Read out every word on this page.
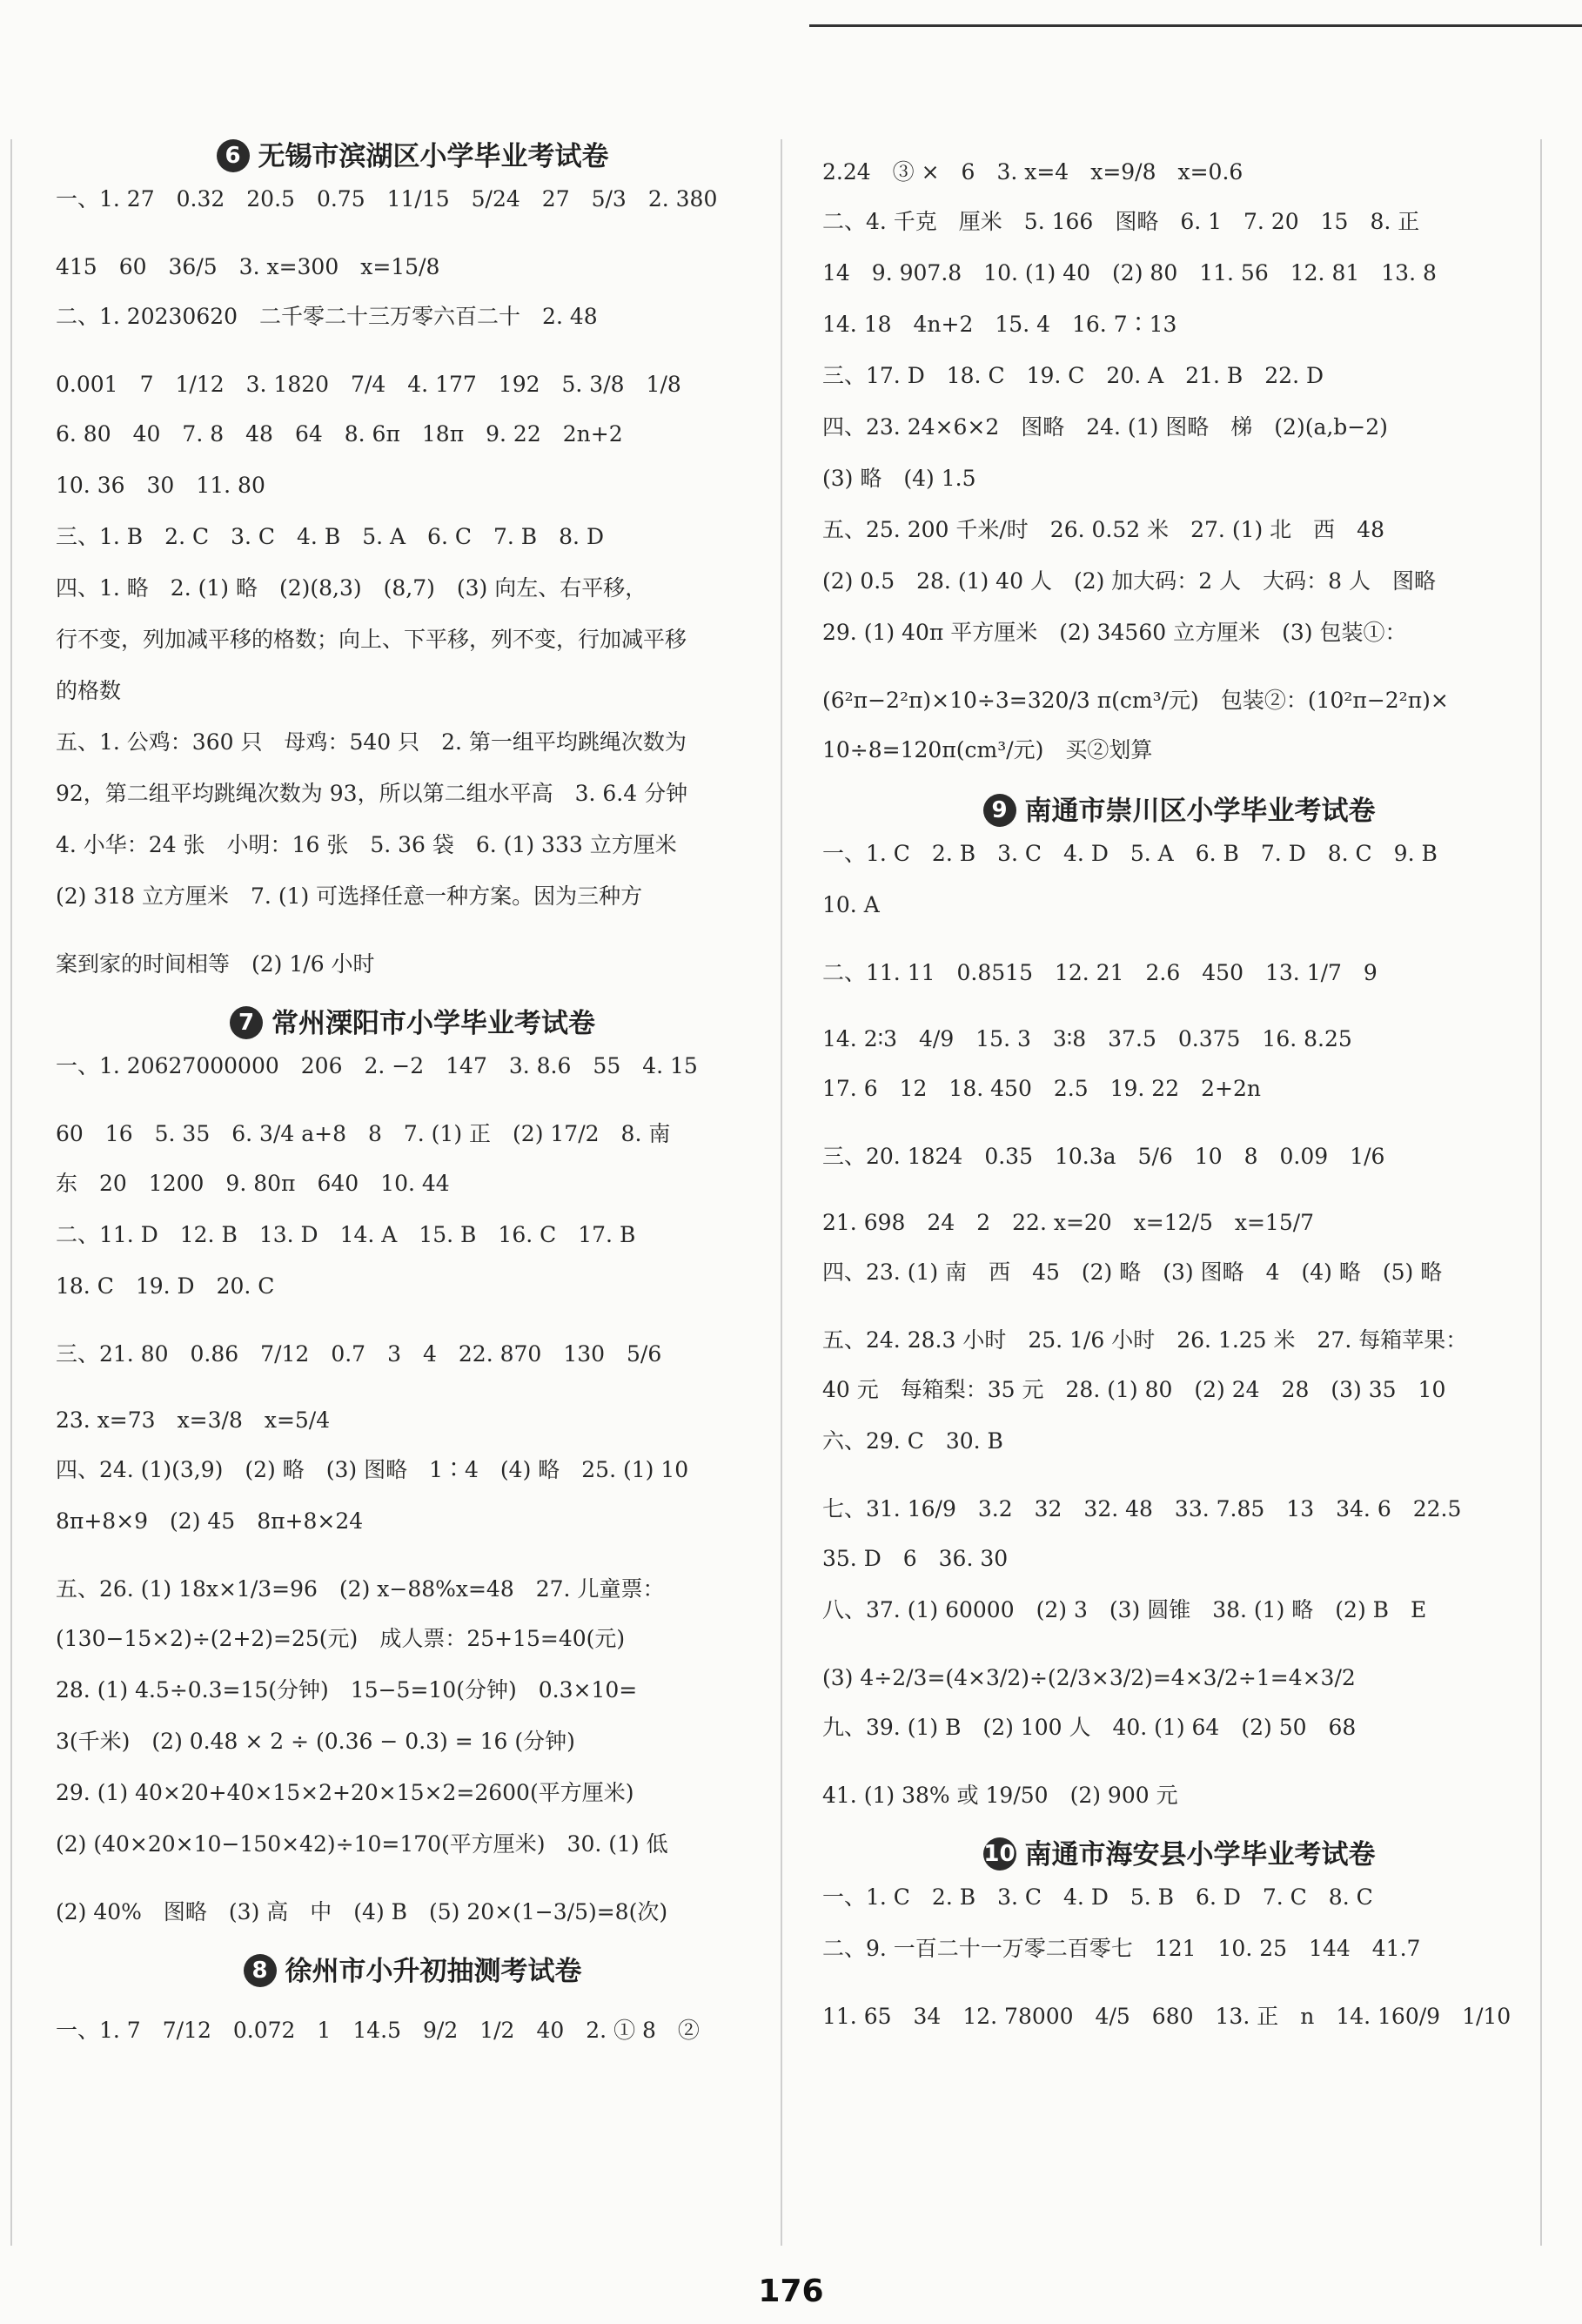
6 无锡市滨湖区小学毕业考试卷
一、1. 27　0.32　20.5　0.75　11/15　5/24　27　5/3　2. 380
415　60　36/5　3. x=300　x=15/8
二、1. 20230620　二千零二十三万零六百二十　2. 48
0.001　7　1/12　3. 1820　7/4　4. 177　192　5. 3/8　1/8
6. 80　40　7. 8　48　64　8. 6π　18π　9. 22　2n+2
10. 36　30　11. 80
三、1. B　2. C　3. C　4. B　5. A　6. C　7. B　8. D
四、1. 略　2. (1) 略　(2)(8,3)　(8,7)　(3) 向左、右平移，
行不变，列加减平移的格数；向上、下平移，列不变，行加减平移
的格数
五、1. 公鸡：360 只　母鸡：540 只　2. 第一组平均跳绳次数为
92，第二组平均跳绳次数为 93，所以第二组水平高　3. 6.4 分钟
4. 小华：24 张　小明：16 张　5. 36 袋　6. (1) 333 立方厘米
(2) 318 立方厘米　7. (1) 可选择任意一种方案。因为三种方
案到家的时间相等　(2) 1/6 小时
7 常州溧阳市小学毕业考试卷
一、1. 20627000000　206　2. −2　147　3. 8.6　55　4. 15
60　16　5. 35　6. 3/4 a+8　8　7. (1) 正　(2) 17/2　8. 南
东　20　1200　9. 80π　640　10. 44
二、11. D　12. B　13. D　14. A　15. B　16. C　17. B
18. C　19. D　20. C
三、21. 80　0.86　7/12　0.7　3　4　22. 870　130　5/6
23. x=73　x=3/8　x=5/4
四、24. (1)(3,9)　(2) 略　(3) 图略　1∶4　(4) 略　25. (1) 10
8π+8×9　(2) 45　8π+8×24
五、26. (1) 18x×1/3=96　(2) x−88%x=48　27. 儿童票：
(130−15×2)÷(2+2)=25(元)　成人票：25+15=40(元)
28. (1) 4.5÷0.3=15(分钟)　15−5=10(分钟)　0.3×10=
3(千米)　(2) 0.48 × 2 ÷ (0.36 − 0.3) = 16 (分钟)
29. (1) 40×20+40×15×2+20×15×2=2600(平方厘米)
(2) (40×20×10−150×42)÷10=170(平方厘米)　30. (1) 低
(2) 40%　图略　(3) 高　中　(4) B　(5) 20×(1−3/5)=8(次)
8 徐州市小升初抽测考试卷
一、1. 7　7/12　0.072　1　14.5　9/2　1/2　40　2. ① 8　②
2.24　③ ×　6　3. x=4　x=9/8　x=0.6
二、4. 千克　厘米　5. 166　图略　6. 1　7. 20　15　8. 正
14　9. 907.8　10. (1) 40　(2) 80　11. 56　12. 81　13. 8
14. 18　4n+2　15. 4　16. 7∶13
三、17. D　18. C　19. C　20. A　21. B　22. D
四、23. 24×6×2　图略　24. (1) 图略　梯　(2)(a,b−2)
(3) 略　(4) 1.5
五、25. 200 千米/时　26. 0.52 米　27. (1) 北　西　48
(2) 0.5　28. (1) 40 人　(2) 加大码：2 人　大码：8 人　图略
29. (1) 40π 平方厘米　(2) 34560 立方厘米　(3) 包装①：
(6²π−2²π)×10÷3=320/3 π(cm³/元)　包装②：(10²π−2²π)×
10÷8=120π(cm³/元)　买②划算
9 南通市崇川区小学毕业考试卷
一、1. C　2. B　3. C　4. D　5. A　6. B　7. D　8. C　9. B
10. A
二、11. 11　0.8515　12. 21　2.6　450　13. 1/7　9
14. 2∶3　4/9　15. 3　3∶8　37.5　0.375　16. 8.25
17. 6　12　18. 450　2.5　19. 22　2+2n
三、20. 1824　0.35　10.3a　5/6　10　8　0.09　1/6
21. 698　24　2　22. x=20　x=12/5　x=15/7
四、23. (1) 南　西　45　(2) 略　(3) 图略　4　(4) 略　(5) 略
五、24. 28.3 小时　25. 1/6 小时　26. 1.25 米　27. 每箱苹果：
40 元　每箱梨：35 元　28. (1) 80　(2) 24　28　(3) 35　10
六、29. C　30. B
七、31. 16/9　3.2　32　32. 48　33. 7.85　13　34. 6　22.5
35. D　6　36. 30
八、37. (1) 60000　(2) 3　(3) 圆锥　38. (1) 略　(2) B　E
(3) 4÷2/3=(4×3/2)÷(2/3×3/2)=4×3/2÷1=4×3/2
九、39. (1) B　(2) 100 人　40. (1) 64　(2) 50　68
41. (1) 38% 或 19/50　(2) 900 元
10 南通市海安县小学毕业考试卷
一、1. C　2. B　3. C　4. D　5. B　6. D　7. C　8. C
二、9. 一百二十一万零二百零七　121　10. 25　144　41.7
11. 65　34　12. 78000　4/5　680　13. 正　n　14. 160/9　1/10
176
